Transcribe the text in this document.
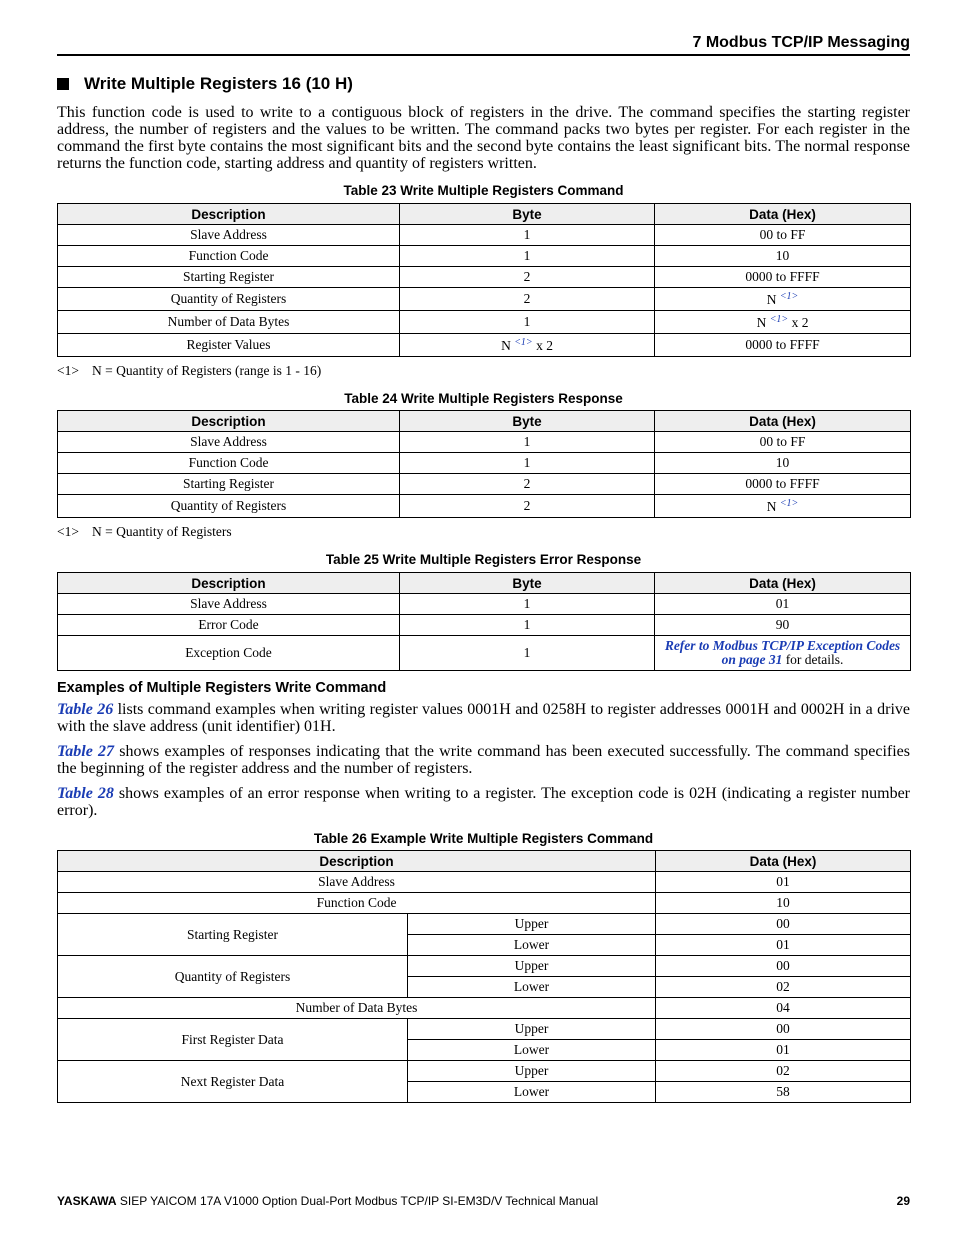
7 Modbus TCP/IP Messaging
Write Multiple Registers 16 (10 H)
This function code is used to write to a contiguous block of registers in the drive. The command specifies the starting register address, the number of registers and the values to be written. The command packs two bytes per register. For each register in the command the first byte contains the most significant bits and the second byte contains the least significant bits. The normal response returns the function code, starting address and quantity of registers written.
Table 23 Write Multiple Registers Command
Description	Byte	Data (Hex)
Slave Address	1	00 to FF
Function Code	1	10
Starting Register	2	0000 to FFFF
Quantity of Registers	2	N $^{<1>}$
Number of Data Bytes	1	N $^{<1>}$ x 2
Register Values	N $^{<1>}$ x 2	0000 to FFFF
<1> N = Quantity of Registers (range is 1 - 16)
Table 24 Write Multiple Registers Response
Description	Byte	Data (Hex)
Slave Address	1	00 to FF
Function Code	1	10
Starting Register	2	0000 to FFFF
Quantity of Registers	2	N $^{<1>}$
<1> N = Quantity of Registers
Table 25 Write Multiple Registers Error Response
Description	Byte	Data (Hex)
Slave Address	1	01
Error Code	1	90
Exception Code	1	Refer to Modbus TCP/IP Exception Codes on page 31 for details.
Examples of Multiple Registers Write Command
Table 26 lists command examples when writing register values 0001H and 0258H to register addresses 0001H and 0002H in a drive with the slave address (unit identifier) 01H.
Table 27 shows examples of responses indicating that the write command has been executed successfully. The command specifies the beginning of the register address and the number of registers.
Table 28 shows examples of an error response when writing to a register. The exception code is 02H (indicating a register number error).
Table 26 Example Write Multiple Registers Command
Description		Data (Hex)
Slave Address		01
Function Code		10
Starting Register	Upper	00
	Lower	01
Quantity of Registers	Upper	00
	Lower	02
Number of Data Bytes		04
First Register Data	Upper	00
	Lower	01
Next Register Data	Upper	02
	Lower	58
YASKAWA SIEP YAICOM 17A V1000 Option Dual-Port Modbus TCP/IP SI-EM3D/V Technical Manual	29
